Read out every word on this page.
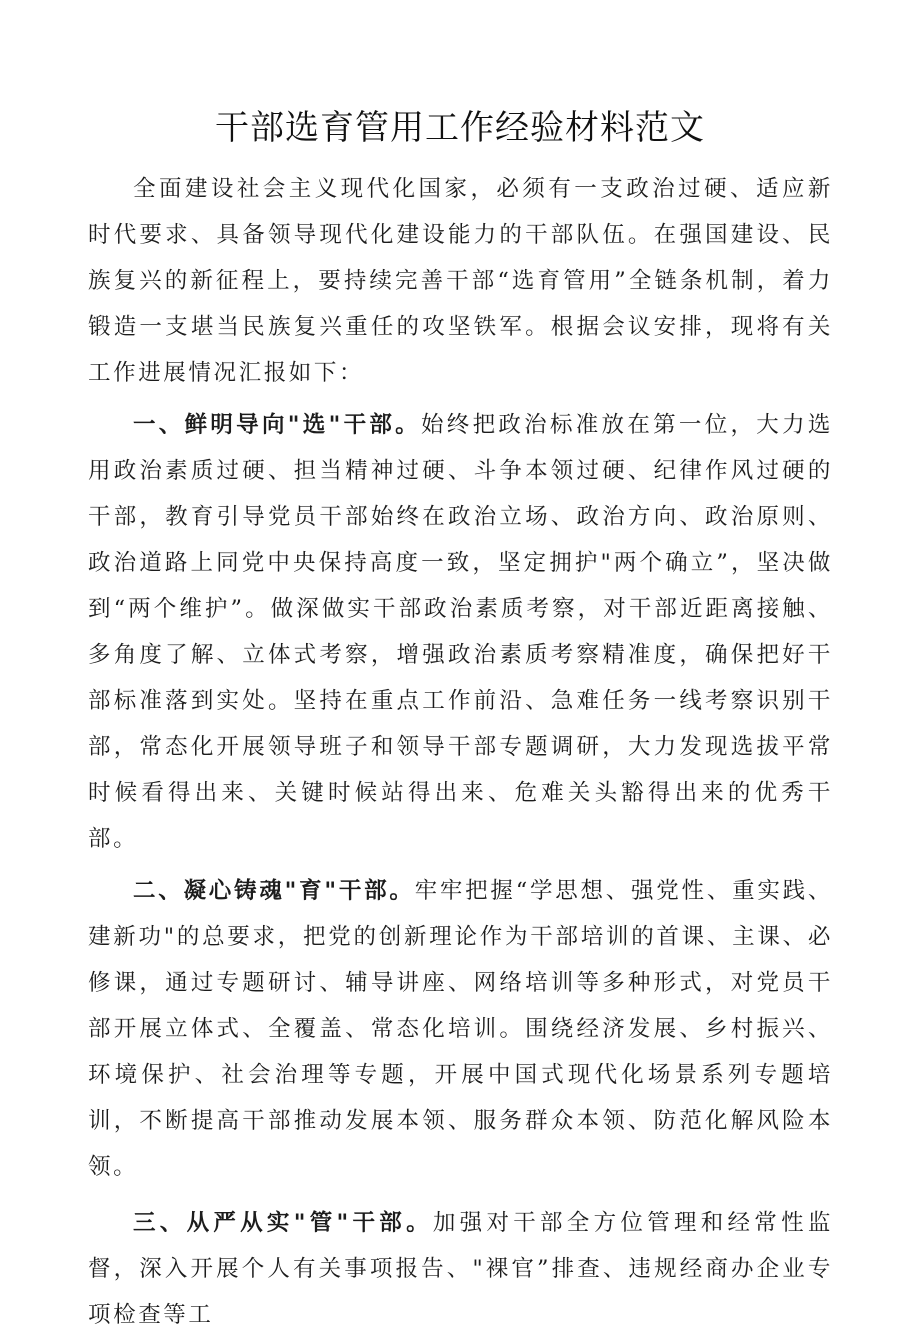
干部选育管用工作经验材料范文

全面建设社会主义现代化国家，必须有一支政治过硬、适应新时代要求、具备领导现代化建设能力的干部队伍。在强国建设、民族复兴的新征程上，要持续完善干部“选育管用”全链条机制，着力锻造一支堪当民族复兴重任的攻坚铁军。根据会议安排，现将有关工作进展情况汇报如下：

一、鲜明导向"选"干部。始终把政治标准放在第一位，大力选用政治素质过硬、担当精神过硬、斗争本领过硬、纪律作风过硬的干部，教育引导党员干部始终在政治立场、政治方向、政治原则、政治道路上同党中央保持高度一致，坚定拥护"两个确立”，坚决做到“两个维护”。做深做实干部政治素质考察，对干部近距离接触、多角度了解、立体式考察，增强政治素质考察精准度，确保把好干部标准落到实处。坚持在重点工作前沿、急难任务一线考察识别干部，常态化开展领导班子和领导干部专题调研，大力发现选拔平常时候看得出来、关键时候站得出来、危难关头豁得出来的优秀干部。

二、凝心铸魂"育"干部。牢牢把握“学思想、强党性、重实践、建新功"的总要求，把党的创新理论作为干部培训的首课、主课、必修课，通过专题研讨、辅导讲座、网络培训等多种形式，对党员干部开展立体式、全覆盖、常态化培训。围绕经济发展、乡村振兴、环境保护、社会治理等专题，开展中国式现代化场景系列专题培训，不断提高干部推动发展本领、服务群众本领、防范化解风险本领。

三、从严从实"管"干部。加强对干部全方位管理和经常性监督，深入开展个人有关事项报告、"裸官”排查、违规经商办企业专项检查等工
